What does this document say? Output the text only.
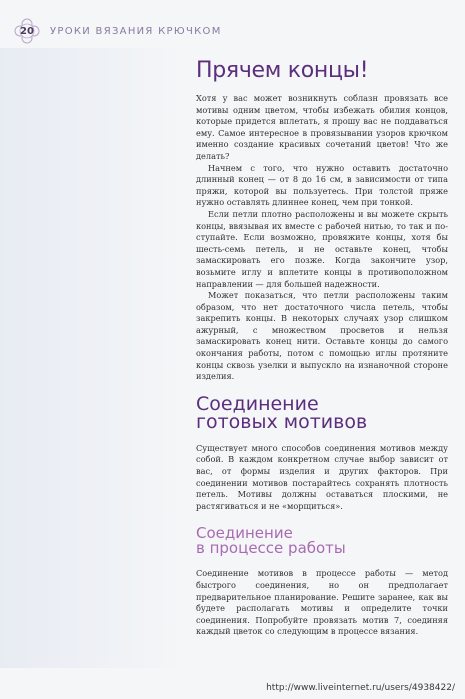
20 УРОКИ ВЯЗАНИЯ КРЮЧКОМ
Прячем концы!

Хотя у вас может возникнуть соблазн провязать все мотивы одним цветом, чтобы избежать обилия концов, которые придется вплетать, я прошу вас не поддаваться ему. Самое интересное в провязывании узоров крючком именно создание красивых сочетаний цветов! Что же делать?

Начнем с того, что нужно оставить достаточно длинный конец — от 8 до 16 см, в зависимости от типа пряжи, которой вы пользуетесь. При толстой пряже нужно оставлять длиннее конец, чем при тонкой.

Если петли плотно расположены и вы можете скрыть концы, ввязывая их вместе с рабочей нитью, то так и поступайте. Если возможно, провяжите концы, хотя бы шесть-семь петель, и не оставьте конец, чтобы замаскировать его позже. Когда закончите узор, возьмите иглу и вплетите концы в противоположном направлении — для большей надежности.

Может показаться, что петли расположены таким образом, что нет достаточного числа петель, чтобы закрепить концы. В некоторых случаях узор слишком ажурный, с множеством просветов и нельзя замаскировать конец нити. Оставьте концы до самого окончания работы, потом с помощью иглы протяните концы сквозь узелки и выпускло на изнаночной стороне изделия.

Соединение
готовых мотивов

Существует много способов соединения мотивов между собой. В каждом конкретном случае выбор зависит от вас, от формы изделия и других факторов. При соединении мотивов постарайтесь сохранять плотность петель. Мотивы должны оставаться плоскими, не растягиваться и не «морщиться».

Соединение
в процессе работы

Соединение мотивов в процессе работы — метод быстрого соединения, но он предполагает предварительное планирование. Решите заранее, как вы будете располагать мотивы и определите точки соединения. Попробуйте провязать мотив 7, соединяя каждый цветок со следующим в процессе вязания.

http://www.liveinternet.ru/users/4938422/
